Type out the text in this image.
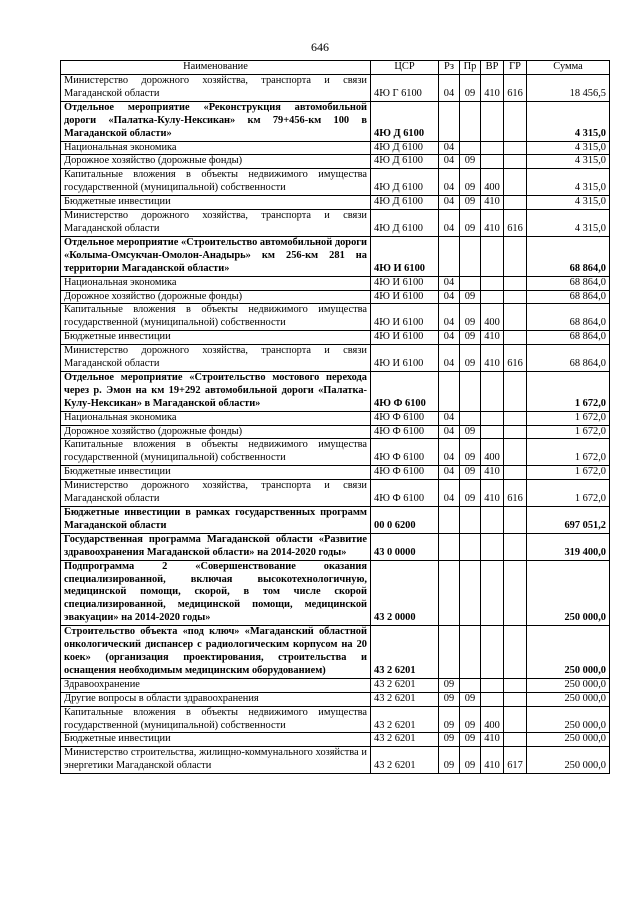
646
Наименование	ЦСР	Рз	Пр	ВР	ГР	Сумма
Министерство дорожного хозяйства, транспорта и связи Магаданской области	4Ю Г 6100	04	09	410	616	18 456,5
Отдельное мероприятие «Реконструкция автомобильной дороги «Палатка-Кулу-Нексикан» км 79+456-км 100 в Магаданской области»	4Ю Д 6100					4 315,0
Национальная экономика	4Ю Д 6100	04				4 315,0
Дорожное хозяйство (дорожные фонды)	4Ю Д 6100	04	09			4 315,0
Капитальные вложения в объекты недвижимого имущества государственной (муниципальной) собственности	4Ю Д 6100	04	09	400		4 315,0
Бюджетные инвестиции	4Ю Д 6100	04	09	410		4 315,0
Министерство дорожного хозяйства, транспорта и связи Магаданской области	4Ю Д 6100	04	09	410	616	4 315,0
Отдельное мероприятие «Строительство автомобильной дороги «Колыма-Омсукчан-Омолон-Анадырь» км 256-км 281 на территории Магаданской области»	4Ю И 6100					68 864,0
Национальная экономика	4Ю И 6100	04				68 864,0
Дорожное хозяйство (дорожные фонды)	4Ю И 6100	04	09			68 864,0
Капитальные вложения в объекты недвижимого имущества государственной (муниципальной) собственности	4Ю И 6100	04	09	400		68 864,0
Бюджетные инвестиции	4Ю И 6100	04	09	410		68 864,0
Министерство дорожного хозяйства, транспорта и связи Магаданской области	4Ю И 6100	04	09	410	616	68 864,0
Отдельное мероприятие «Строительство мостового перехода через р. Эмон на км 19+292 автомобильной дороги «Палатка-Кулу-Нексикан» в Магаданской области»	4Ю Ф 6100					1 672,0
Национальная экономика	4Ю Ф 6100	04				1 672,0
Дорожное хозяйство (дорожные фонды)	4Ю Ф 6100	04	09			1 672,0
Капитальные вложения в объекты недвижимого имущества государственной (муниципальной) собственности	4Ю Ф 6100	04	09	400		1 672,0
Бюджетные инвестиции	4Ю Ф 6100	04	09	410		1 672,0
Министерство дорожного хозяйства, транспорта и связи Магаданской области	4Ю Ф 6100	04	09	410	616	1 672,0
Бюджетные инвестиции в рамках государственных программ Магаданской области	00 0 6200					697 051,2
Государственная программа Магаданской области «Развитие здравоохранения Магаданской области» на 2014-2020 годы»	43 0 0000					319 400,0
Подпрограмма 2 «Совершенствование оказания специализированной, включая высокотехнологичную, медицинской помощи, скорой, в том числе скорой специализированной, медицинской помощи, медицинской эвакуации» на 2014-2020 годы»	43 2 0000					250 000,0
Строительство объекта «под ключ» «Магаданский областной онкологический диспансер с радиологическим корпусом на 20 коек» (организация проектирования, строительства и оснащения необходимым медицинским оборудованием)	43 2 6201					250 000,0
Здравоохранение	43 2 6201	09				250 000,0
Другие вопросы в области здравоохранения	43 2 6201	09	09			250 000,0
Капитальные вложения в объекты недвижимого имущества государственной (муниципальной) собственности	43 2 6201	09	09	400		250 000,0
Бюджетные инвестиции	43 2 6201	09	09	410		250 000,0
Министерство строительства, жилищно-коммунального хозяйства и энергетики Магаданской области	43 2 6201	09	09	410	617	250 000,0
